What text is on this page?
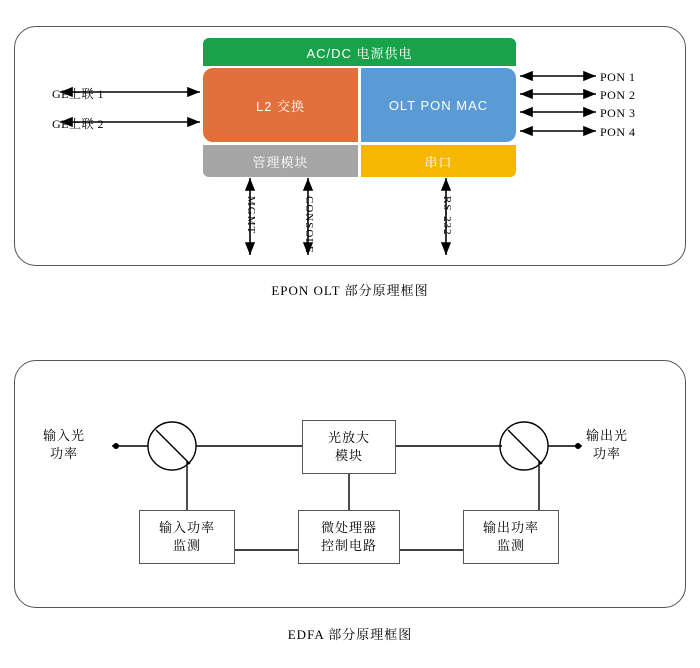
AC/DC 电源供电
L2 交换	OLT PON MAC
管理模块	串口
GE上联 1
GE上联 2
PON 1
PON 2
PON 3
PON 4
MGMT	CONSOLE	RS-232
EPON OLT 部分原理框图
光放大
模块
输入功率
监测
微处理器
控制电路
输出功率
监测
输入光
功率
输出光
功率
EDFA 部分原理框图
